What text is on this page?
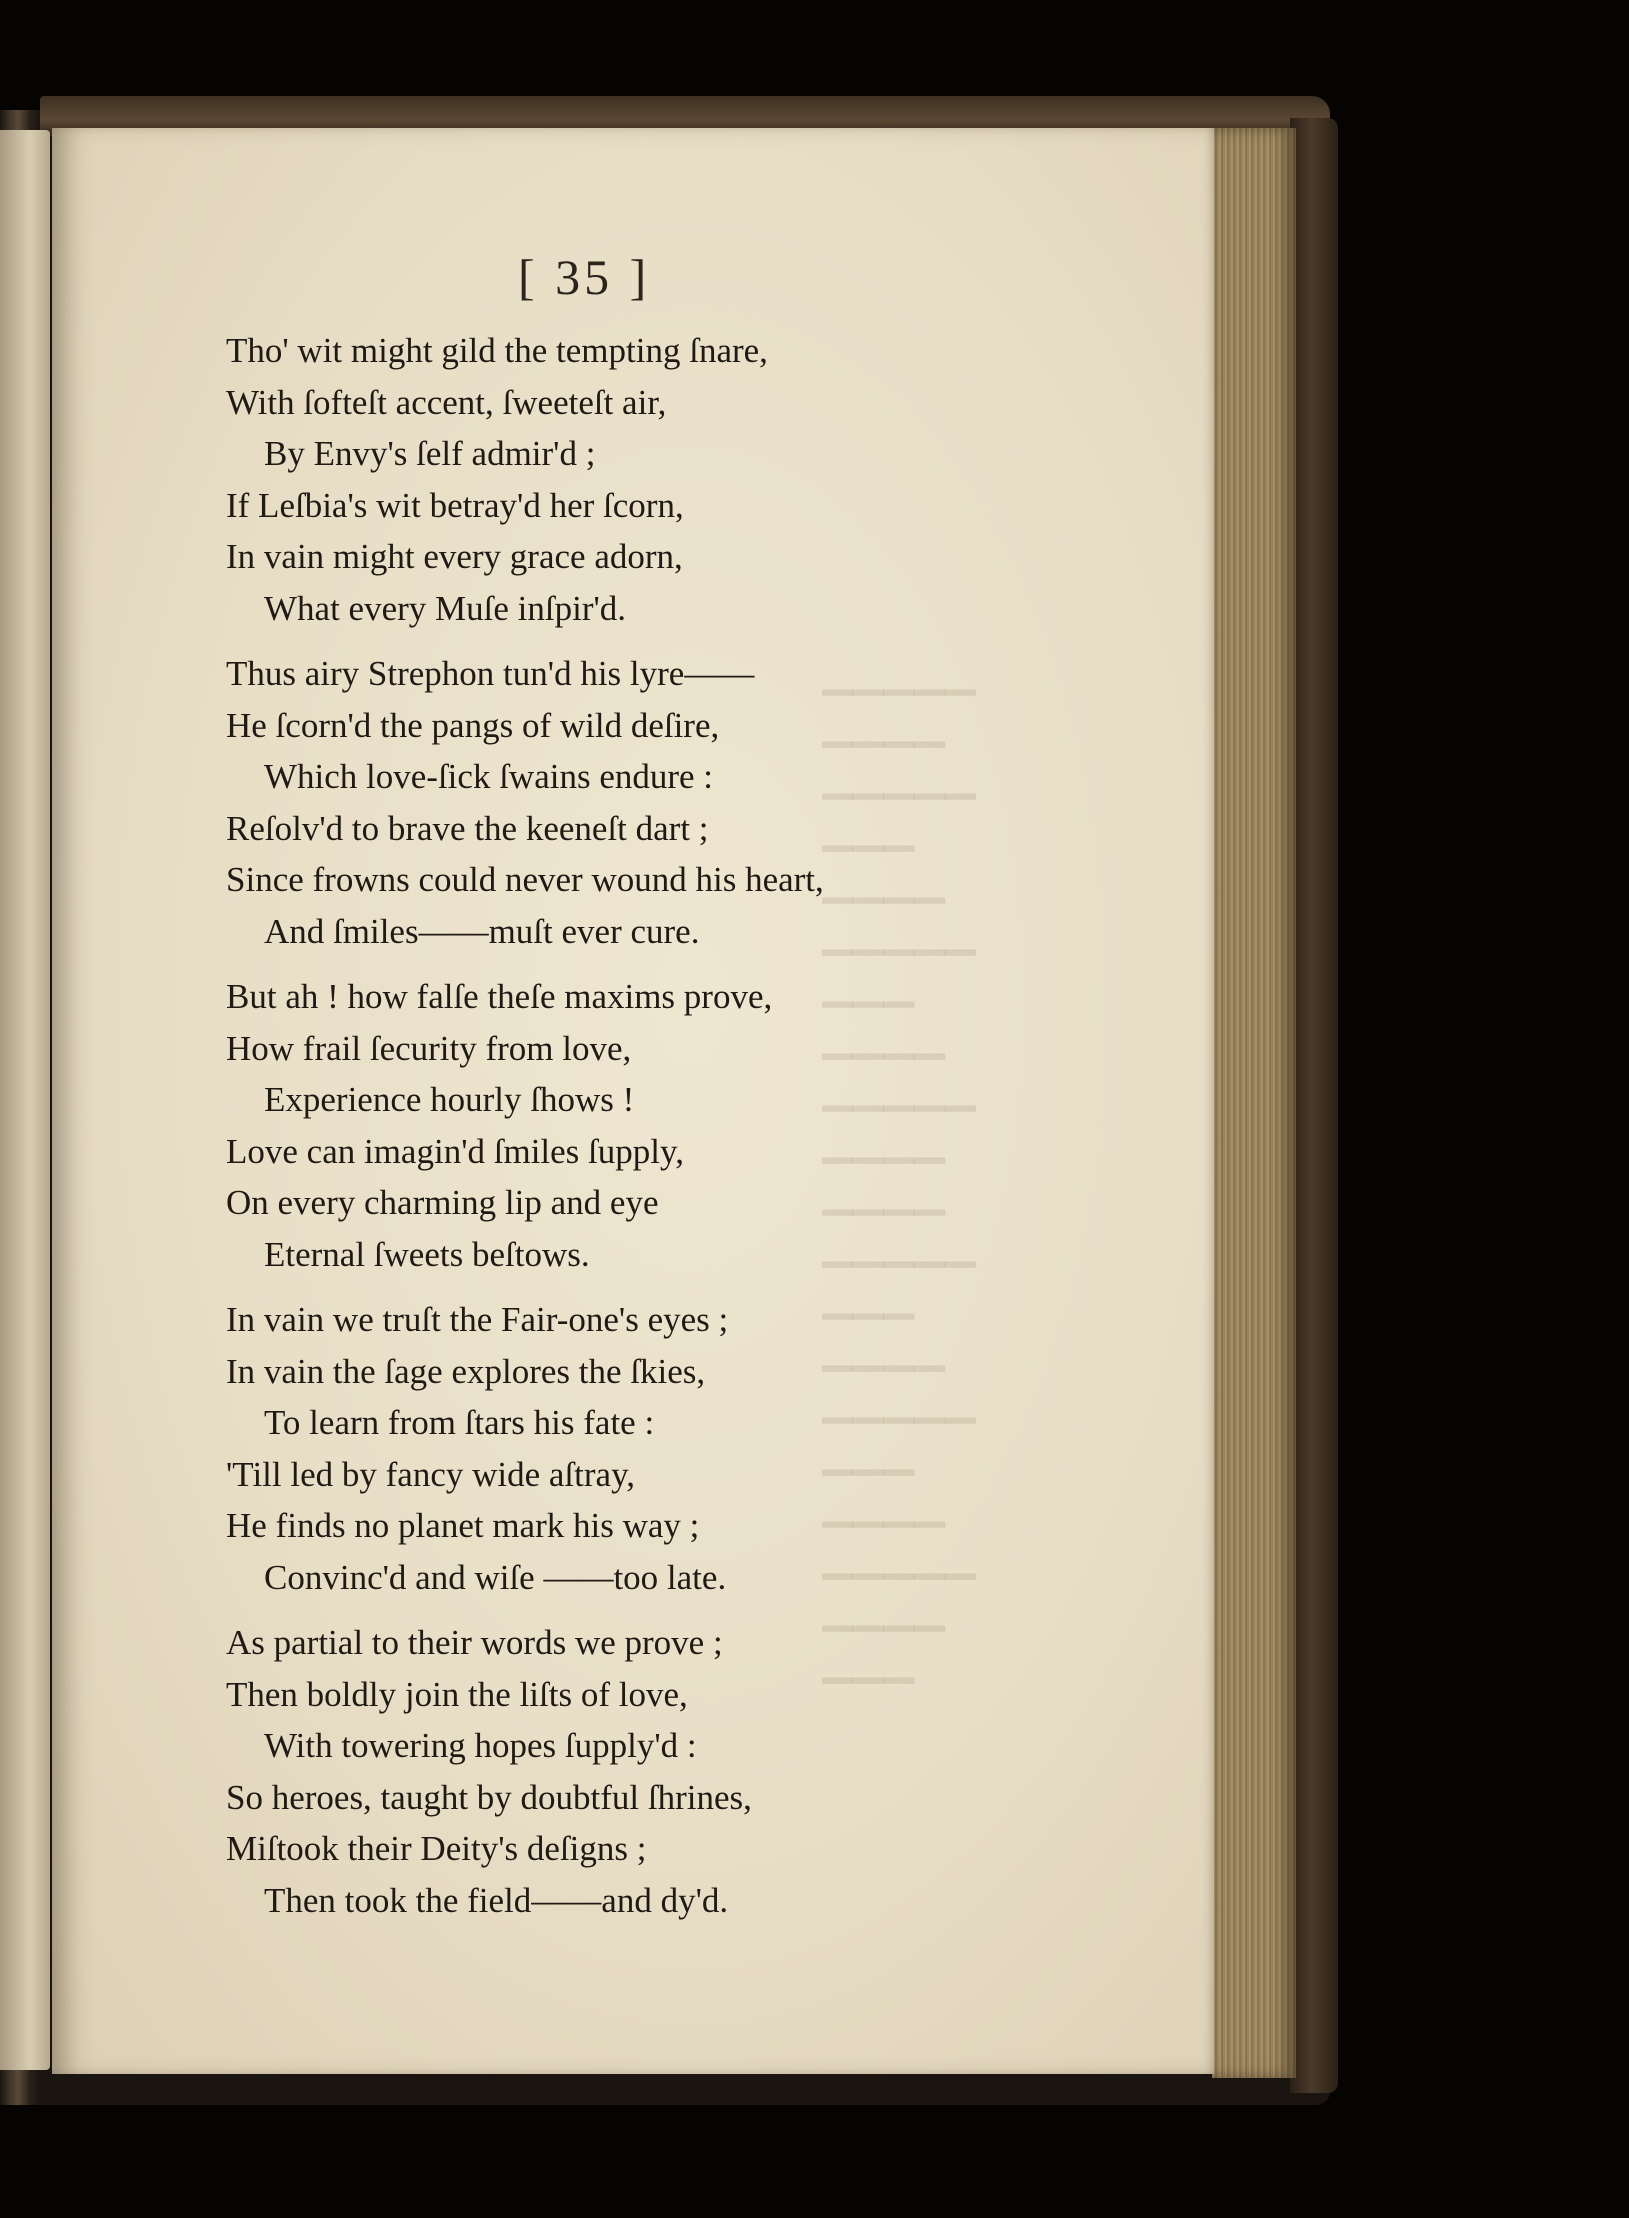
▔▔▔▔▔
▔▔▔▔
▔▔▔▔▔
▔▔▔
▔▔▔▔
▔▔▔▔▔
▔▔▔
▔▔▔▔
▔▔▔▔▔
▔▔▔▔
▔▔▔▔
▔▔▔▔▔
▔▔▔
▔▔▔▔
▔▔▔▔▔
▔▔▔
▔▔▔▔
▔▔▔▔▔
▔▔▔▔
▔▔▔
[ 35 ]
Tho' wit might gild the tempting ſnare,
With ſofteſt accent, ſweeteſt air,
By Envy's ſelf admir'd ;
If Leſbia's wit betray'd her ſcorn,
In vain might every grace adorn,
What every Muſe inſpir'd.
Thus airy Strephon tun'd his lyre——
He ſcorn'd the pangs of wild deſire,
Which love-ſick ſwains endure :
Reſolv'd to brave the keeneſt dart ;
Since frowns could never wound his heart,
And ſmiles——muſt ever cure.
But ah ! how falſe theſe maxims prove,
How frail ſecurity from love,
Experience hourly ſhows !
Love can imagin'd ſmiles ſupply,
On every charming lip and eye
Eternal ſweets beſtows.
In vain we truſt the Fair-one's eyes ;
In vain the ſage explores the ſkies,
To learn from ſtars his fate :
'Till led by fancy wide aſtray,
He finds no planet mark his way ;
Convinc'd and wiſe ——too late.
As partial to their words we prove ;
Then boldly join the liſts of love,
With towering hopes ſupply'd :
So heroes, taught by doubtful ſhrines,
Miſtook their Deity's deſigns ;
Then took the field——and dy'd.
